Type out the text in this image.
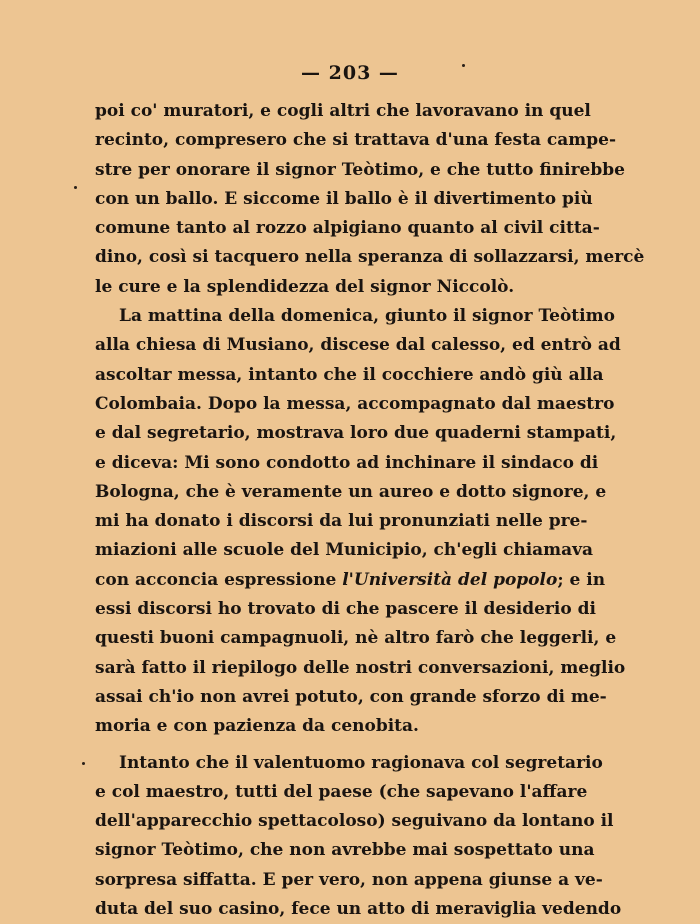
— 203 —
poi co' muratori, e cogli altri che lavoravano in quel
recinto, compresero che si trattava d'una festa campe-
stre per onorare il signor Teòtimo, e che tutto finirebbe
con un ballo. E siccome il ballo è il divertimento più
comune tanto al rozzo alpigiano quanto al civil citta-
dino, così si tacquero nella speranza di sollazzarsi, mercè
le cure e la splendidezza del signor Niccolò.
La mattina della domenica, giunto il signor Teòtimo
alla chiesa di Musiano, discese dal calesso, ed entrò ad
ascoltar messa, intanto che il cocchiere andò giù alla
Colombaia. Dopo la messa, accompagnato dal maestro
e dal segretario, mostrava loro due quaderni stampati,
e diceva: Mi sono condotto ad inchinare il sindaco di
Bologna, che è veramente un aureo e dotto signore, e
mi ha donato i discorsi da lui pronunziati nelle pre-
miazioni alle scuole del Municipio, ch'egli chiamava
con acconcia espressione l'Università del popolo; e in
essi discorsi ho trovato di che pascere il desiderio di
questi buoni campagnuoli, nè altro farò che leggerli, e
sarà fatto il riepilogo delle nostri conversazioni, meglio
assai ch'io non avrei potuto, con grande sforzo di me-
moria e con pazienza da cenobita.
Intanto che il valentuomo ragionava col segretario
e col maestro, tutti del paese (che sapevano l'affare
dell'apparecchio spettacoloso) seguivano da lontano il
signor Teòtimo, che non avrebbe mai sospettato una
sorpresa siffatta. E per vero, non appena giunse a ve-
duta del suo casino, fece un atto di meraviglia vedendo
